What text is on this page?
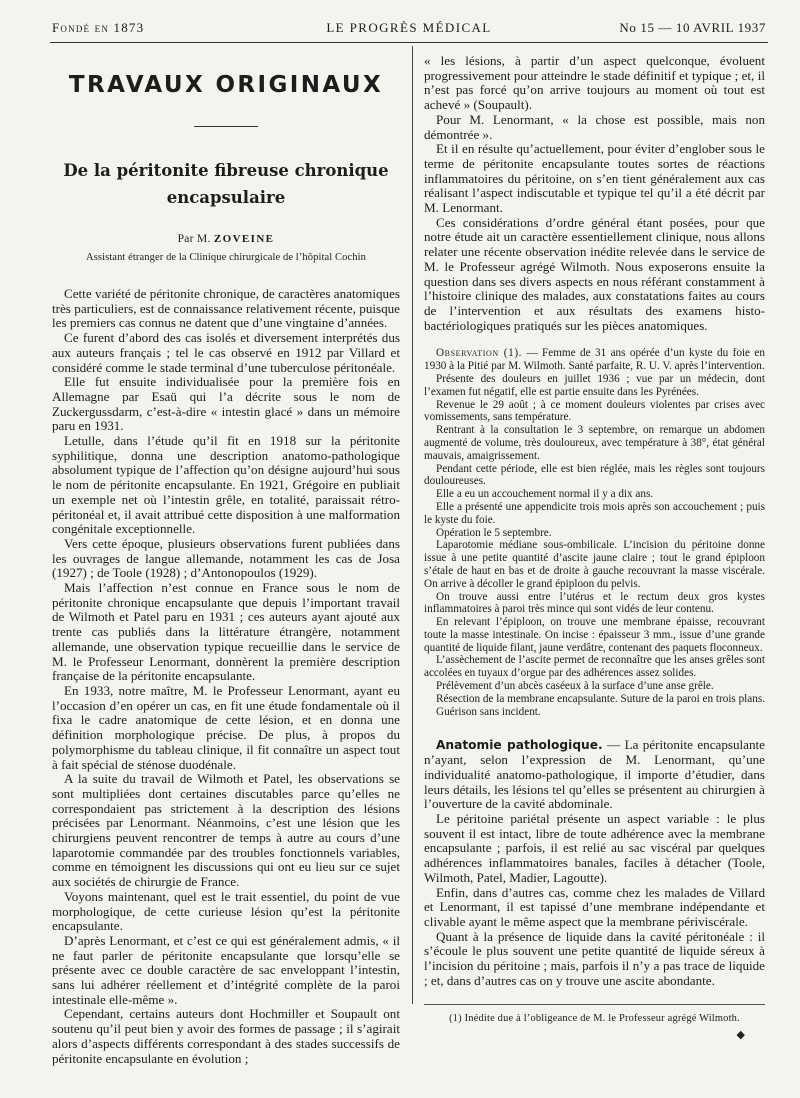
Fondé en 1873	LE PROGRÈS MÉDICAL	No 15 — 10 AVRIL 1937
TRAVAUX ORIGINAUX
De la péritonite fibreuse chronique encapsulaire
Par M. ZOVEINE
Assistant étranger de la Clinique chirurgicale de l’hôpital Cochin

Cette variété de péritonite chronique, de caractères anatomiques très particuliers, est de connaissance relativement récente, puisque les premiers cas connus ne datent que d’une vingtaine d’années.

Ce furent d’abord des cas isolés et diversement interprétés dus aux auteurs français ; tel le cas observé en 1912 par Villard et considéré comme le stade terminal d’une tuberculose péritonéale.

Elle fut ensuite individualisée pour la première fois en Allemagne par Esaü qui l’a décrite sous le nom de Zuckergussdarm, c’est-à-dire « intestin glacé » dans un mémoire paru en 1931.

Letulle, dans l’étude qu’il fit en 1918 sur la péritonite syphilitique, donna une description anatomo-pathologique absolument typique de l’affection qu’on désigne aujourd’hui sous le nom de péritonite encapsulante. En 1921, Grégoire en publiait un exemple net où l’intestin grêle, en totalité, paraissait rétro-péritonéal et, il avait attribué cette disposition à une malformation congénitale exceptionnelle.

Vers cette époque, plusieurs observations furent publiées dans les ouvrages de langue allemande, notamment les cas de Josa (1927) ; de Toole (1928) ; d’Antonopoulos (1929).

Mais l’affection n’est connue en France sous le nom de péritonite chronique encapsulante que depuis l’important travail de Wilmoth et Patel paru en 1931 ; ces auteurs ayant ajouté aux trente cas publiés dans la littérature étrangère, notamment allemande, une observation typique recueillie dans le service de M. le Professeur Lenormant, donnèrent la première description française de la péritonite encapsulante.

En 1933, notre maître, M. le Professeur Lenormant, ayant eu l’occasion d’en opérer un cas, en fit une étude fondamentale où il fixa le cadre anatomique de cette lésion, et en donna une définition morphologique précise. De plus, à propos du polymorphisme du tableau clinique, il fit connaître un aspect tout à fait spécial de sténose duodénale.

A la suite du travail de Wilmoth et Patel, les observations se sont multipliées dont certaines discutables parce qu’elles ne correspondaient pas strictement à la description des lésions précisées par Lenormant. Néanmoins, c’est une lésion que les chirurgiens peuvent rencontrer de temps à autre au cours d’une laparotomie commandée par des troubles fonctionnels variables, comme en témoignent les discussions qui ont eu lieu sur ce sujet aux sociétés de chirurgie de France.

Voyons maintenant, quel est le trait essentiel, du point de vue morphologique, de cette curieuse lésion qu’est la péritonite encapsulante.

D’après Lenormant, et c’est ce qui est généralement admis, « il ne faut parler de péritonite encapsulante que lorsqu’elle se présente avec ce double caractère de sac enveloppant l’intestin, sans lui adhérer réellement et d’intégrité complète de la paroi intestinale elle-même ».

Cependant, certains auteurs dont Hochmiller et Soupault ont soutenu qu’il peut bien y avoir des formes de passage ; il s’agirait alors d’aspects différents correspondant à des stades successifs de péritonite encapsulante en évolution ;

« les lésions, à partir d’un aspect quelconque, évoluent progressivement pour atteindre le stade définitif et typique ; et, il n’est pas forcé qu’on arrive toujours au moment où tout est achevé » (Soupault).

Pour M. Lenormant, « la chose est possible, mais non démontrée ».

Et il en résulte qu’actuellement, pour éviter d’englober sous le terme de péritonite encapsulante toutes sortes de réactions inflammatoires du péritoine, on s’en tient généralement aux cas réalisant l’aspect indiscutable et typique tel qu’il a été décrit par M. Lenormant.

Ces considérations d’ordre général étant posées, pour que notre étude ait un caractère essentiellement clinique, nous allons relater une récente observation inédite relevée dans le service de M. le Professeur agrégé Wilmoth. Nous exposerons ensuite la question dans ses divers aspects en nous référant constamment à l’histoire clinique des malades, aux constatations faites au cours de l’intervention et aux résultats des examens histo-bactériologiques pratiqués sur les pièces anatomiques.

Observation (1). — Femme de 31 ans opérée d’un kyste du foie en 1930 à la Pitié par M. Wilmoth. Santé parfaite, R. U. V. après l’intervention.

Présente des douleurs en juillet 1936 ; vue par un médecin, dont l’examen fut négatif, elle est partie ensuite dans les Pyrénées.

Revenue le 29 août ; à ce moment douleurs violentes par crises avec vomissements, sans température.

Rentrant à la consultation le 3 septembre, on remarque un abdomen augmenté de volume, très douloureux, avec température à 38°, état général mauvais, amaigrissement.

Pendant cette période, elle est bien réglée, mais les règles sont toujours douloureuses.

Elle a eu un accouchement normal il y a dix ans.

Elle a présenté une appendicite trois mois après son accouchement ; puis le kyste du foie.

Opération le 5 septembre.

Laparotomie médiane sous-ombilicale. L’incision du péritoine donne issue à une petite quantité d’ascite jaune claire ; tout le grand épiploon s’étale de haut en bas et de droite à gauche recouvrant la masse viscérale. On arrive à décoller le grand épiploon du pelvis.

On trouve aussi entre l’utérus et le rectum deux gros kystes inflammatoires à paroi très mince qui sont vidés de leur contenu.

En relevant l’épiploon, on trouve une membrane épaisse, recouvrant toute la masse intestinale. On incise : épaisseur 3 mm., issue d’une grande quantité de liquide filant, jaune verdâtre, contenant des paquets floconneux.

L’assèchement de l’ascite permet de reconnaître que les anses grêles sont accolées en tuyaux d’orgue par des adhérences assez solides.

Prélèvement d’un abcès caséeux à la surface d’une anse grêle.

Résection de la membrane encapsulante. Suture de la paroi en trois plans.

Guérison sans incident.

Anatomie pathologique. — La péritonite encapsulante n’ayant, selon l’expression de M. Lenormant, qu’une individualité anatomo-pathologique, il importe d’étudier, dans leurs détails, les lésions tel qu’elles se présentent au chirurgien à l’ouverture de la cavité abdominale.

Le péritoine pariétal présente un aspect variable : le plus souvent il est intact, libre de toute adhérence avec la membrane encapsulante ; parfois, il est relié au sac viscéral par quelques adhérences inflammatoires banales, faciles à détacher (Toole, Wilmoth, Patel, Madier, Lagoutte).

Enfin, dans d’autres cas, comme chez les malades de Villard et Lenormant, il est tapissé d’une membrane indépendante et clivable ayant le même aspect que la membrane périviscérale.

Quant à la présence de liquide dans la cavité péritonéale : il s’écoule le plus souvent une petite quantité de liquide séreux à l’incision du péritoine ; mais, parfois il n’y a pas trace de liquide ; et, dans d’autres cas on y trouve une ascite abondante.

(1) Inédite due à l’obligeance de M. le Professeur agrégé Wilmoth.
◆
